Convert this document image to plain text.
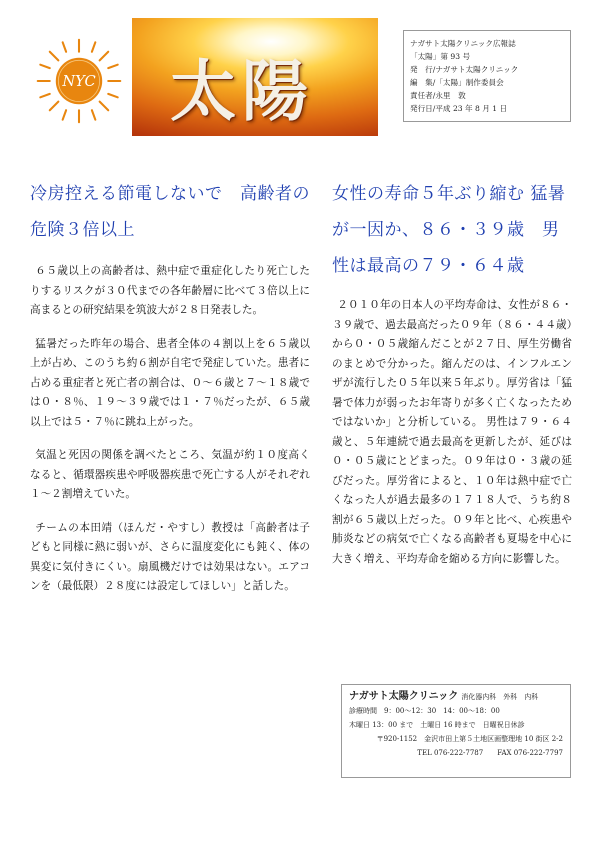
NYC 太陽
ナガサト太陽クリニック広報誌
「太陽」第 93 号
発　行/ナガサト太陽クリニック
編　集/「太陽」制作委員会
責任者/永里　敦
発行日/平成 23 年 8 月 1 日
冷房控える節電しないで　高齢者の危険３倍以上

６５歳以上の高齢者は、熱中症で重症化したり死亡したりするリスクが３０代までの各年齢層に比べて３倍以上に高まるとの研究結果を筑波大が２８日発表した。

猛暑だった昨年の場合、患者全体の４割以上を６５歳以上が占め、このうち約６割が自宅で発症していた。患者に占める重症者と死亡者の割合は、０～６歳と７～１８歳では０・８％、１９～３９歳では１・７％だったが、６５歳以上では５・７％に跳ね上がった。

気温と死因の関係を調べたところ、気温が約１０度高くなると、循環器疾患や呼吸器疾患で死亡する人がそれぞれ１～２割増えていた。

チームの本田靖（ほんだ・やすし）教授は「高齢者は子どもと同様に熱に弱いが、さらに温度変化にも鈍く、体の異変に気付きにくい。扇風機だけでは効果はない。エアコンを（最低限）２８度には設定してほしい」と話した。

女性の寿命５年ぶり縮む 猛暑が一因か、８６・３９歳　男性は最高の７９・６４歳

２０１０年の日本人の平均寿命は、女性が８６・３９歳で、過去最高だった０９年（８６・４４歳）から０・０５歳縮んだことが２７日、厚生労働省のまとめで分かった。縮んだのは、インフルエンザが流行した０５年以来５年ぶり。厚労省は「猛暑で体力が弱ったお年寄りが多く亡くなったためではないか」と分析している。 男性は７９・６４歳と、５年連続で過去最高を更新したが、延びは０・０５歳にとどまった。０９年は０・３歳の延びだった。厚労省によると、１０年は熱中症で亡くなった人が過去最多の１７１８人で、うち約８割が６５歳以上だった。０９年と比べ、心疾患や肺炎などの病気で亡くなる高齢者も夏場を中心に大きく増え、平均寿命を縮める方向に影響した。

ナガサト太陽クリニック 消化器内科　外科　内科
診療時間　9：00～12：30　14：00～18：00
木曜日 13：00 まで　土曜日 16 時まで　日曜祝日休診
〒920-1152　金沢市田上第５土地区画整理地 10 街区 2-2
TEL 076-222-7787　　FAX 076-222-7797
